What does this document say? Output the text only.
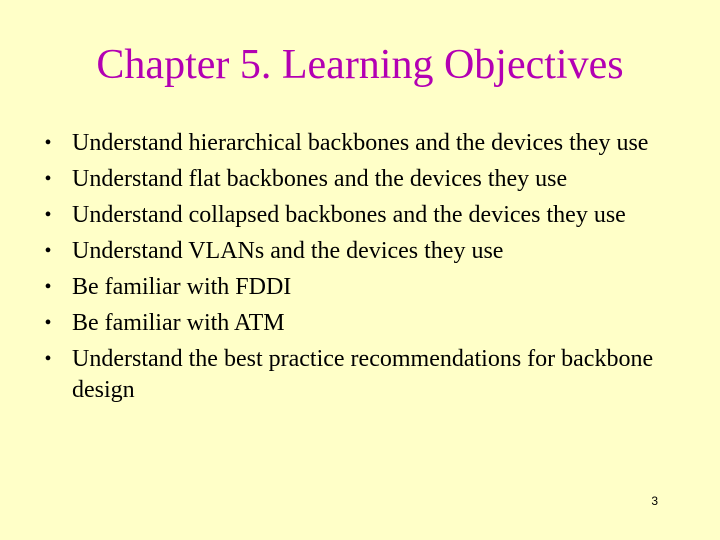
Chapter 5. Learning Objectives
• Understand hierarchical backbones and the devices they use
• Understand flat backbones and the devices they use
• Understand collapsed backbones and the devices they use
• Understand VLANs and the devices they use
• Be familiar with FDDI
• Be familiar with ATM
• Understand the best practice recommendations for backbone design
3
